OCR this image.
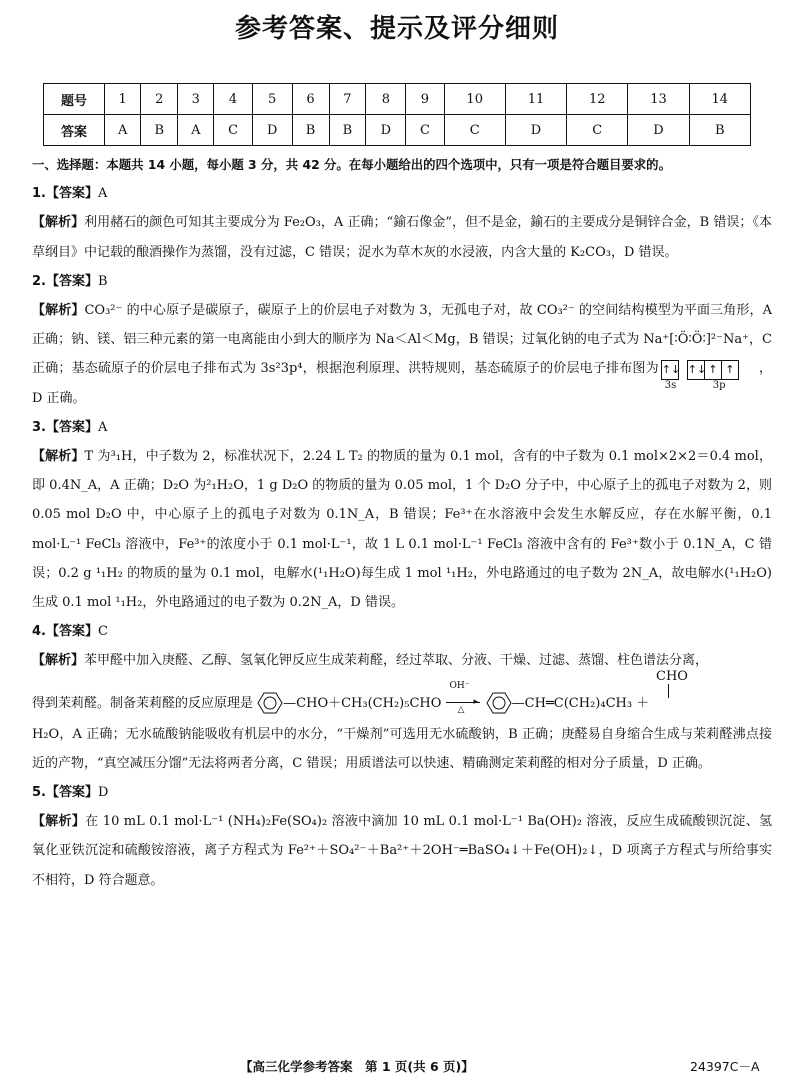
参考答案、提示及评分细则
题号	1	2	3	4	5	6	7	8	9	10	11	12	13	14
答案	A	B	A	C	D	B	B	D	C	C	D	C	D	B

一、选择题：本题共 14 小题，每小题 3 分，共 42 分。在每小题给出的四个选项中，只有一项是符合题目要求的。

1.【答案】A

【解析】利用赭石的颜色可知其主要成分为 Fe₂O₃，A 正确；“鍮石像金”，但不是金，鍮石的主要成分是铜锌合金，B 错误；《本草纲目》中记载的酿酒操作为蒸馏，没有过滤，C 错误；浞水为草木灰的水浸液，内含大量的 K₂CO₃，D 错误。

2.【答案】B

【解析】CO₃²⁻ 的中心原子是碳原子，碳原子上的价层电子对数为 3，无孤电子对，故 CO₃²⁻ 的空间结构模型为平面三角形，A 正确；钠、镁、铝三种元素的第一电离能由小到大的顺序为 Na＜Al＜Mg，B 错误；过氧化钠的电子式为 Na⁺[∶Ö∶Ö∶]²⁻Na⁺，C 正确；基态硫原子的价层电子排布式为 3s²3p⁴，根据泡利原理、洪特规则，基态硫原子的价层电子排布图为 ↑↓ ↑↓ ↑ ↑
3s	3p
，D 正确。

3.【答案】A

【解析】T 为³₁H，中子数为 2，标准状况下，2.24 L T₂ 的物质的量为 0.1 mol，含有的中子数为 0.1 mol×2×2＝0.4 mol，即 0.4N_A，A 正确；D₂O 为²₁H₂O，1 g D₂O 的物质的量为 0.05 mol，1 个 D₂O 分子中，中心原子上的孤电子对数为 2，则 0.05 mol D₂O 中，中心原子上的孤电子对数为 0.1N_A，B 错误；Fe³⁺在水溶液中会发生水解反应，存在水解平衡，0.1 mol·L⁻¹ FeCl₃ 溶液中，Fe³⁺的浓度小于 0.1 mol·L⁻¹，故 1 L 0.1 mol·L⁻¹ FeCl₃ 溶液中含有的 Fe³⁺数小于 0.1N_A，C 错误；0.2 g ¹₁H₂ 的物质的量为 0.1 mol，电解水(¹₁H₂O)每生成 1 mol ¹₁H₂，外电路通过的电子数为 2N_A，故电解水(¹₁H₂O)生成 0.1 mol ¹₁H₂，外电路通过的电子数为 0.2N_A，D 错误。

4.【答案】C

【解析】苯甲醛中加入庚醛、乙醇、氢氧化钾反应生成茉莉醛，经过萃取、分液、干燥、过滤、蒸馏、柱色谱法分离，

得到茉莉醛。制备茉莉醛的反应原理是 —CHO＋CH₃(CH₂)₅CHO
OH⁻
▸
△	—CH═C(CH₂)₄CH₃ ＋
CHO

H₂O，A 正确；无水硫酸钠能吸收有机层中的水分，“干燥剂”可选用无水硫酸钠，B 正确；庚醛易自身缩合生成与茉莉醛沸点接近的产物，“真空减压分馏”无法将两者分离，C 错误；用质谱法可以快速、精确测定茉莉醛的相对分子质量，D 正确。

5.【答案】D

【解析】在 10 mL 0.1 mol·L⁻¹ (NH₄)₂Fe(SO₄)₂ 溶液中滴加 10 mL 0.1 mol·L⁻¹ Ba(OH)₂ 溶液，反应生成硫酸钡沉淀、氢氧化亚铁沉淀和硫酸铵溶液，离子方程式为 Fe²⁺＋SO₄²⁻＋Ba²⁺＋2OH⁻═BaSO₄↓＋Fe(OH)₂↓，D 项离子方程式与所给事实不相符，D 符合题意。

【高三化学参考答案　第 1 页(共 6 页)】	24397C－A
